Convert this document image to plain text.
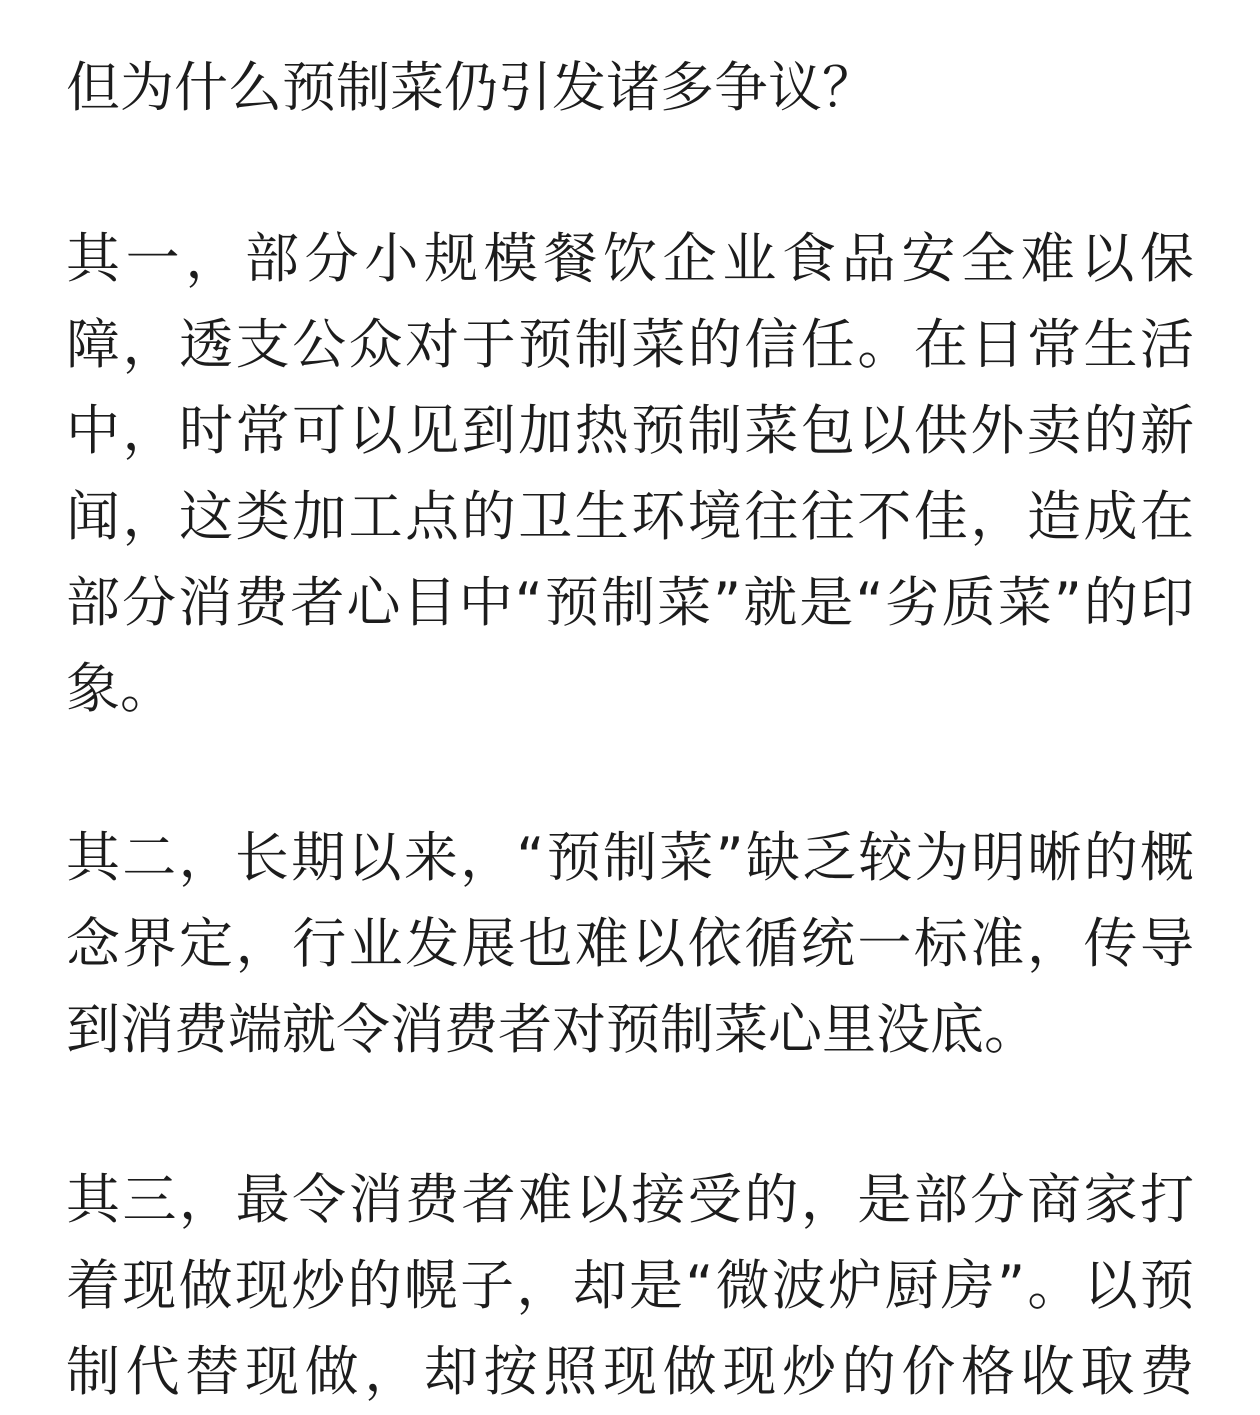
但为什么预制菜仍引发诸多争议？
其一，部分小规模餐饮企业食品安全难以保
障，透支公众对于预制菜的信任。在日常生活
中，时常可以见到加热预制菜包以供外卖的新
闻，这类加工点的卫生环境往往不佳，造成在
部分消费者心目中“预制菜”就是“劣质菜”的印
象。
其二，长期以来，“预制菜”缺乏较为明晰的概
念界定，行业发展也难以依循统一标准，传导
到消费端就令消费者对预制菜心里没底。
其三，最令消费者难以接受的，是部分商家打
着现做现炒的幌子，却是“微波炉厨房”。以预
制代替现做，却按照现做现炒的价格收取费
